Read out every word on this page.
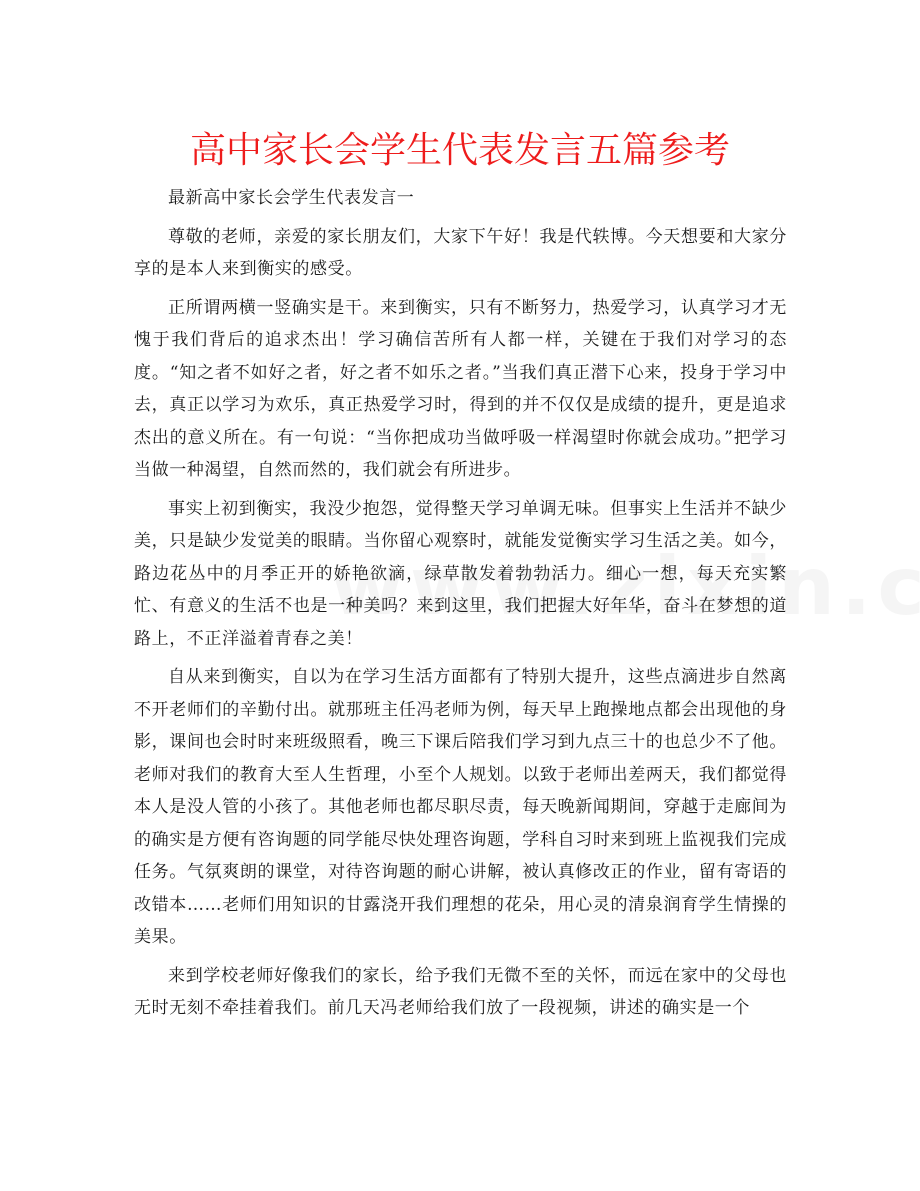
高中家长会学生代表发言五篇参考

最新高中家长会学生代表发言一

尊敬的老师，亲爱的家长朋友们，大家下午好！我是代轶博。今天想要和大家分享的是本人来到衡实的感受。

正所谓两横一竖确实是干。来到衡实，只有不断努力，热爱学习，认真学习才无愧于我们背后的追求杰出！学习确信苦所有人都一样，关键在于我们对学习的态度。“知之者不如好之者，好之者不如乐之者。”当我们真正潜下心来，投身于学习中去，真正以学习为欢乐，真正热爱学习时，得到的并不仅仅是成绩的提升，更是追求杰出的意义所在。有一句说：“当你把成功当做呼吸一样渴望时你就会成功。”把学习当做一种渴望，自然而然的，我们就会有所进步。

事实上初到衡实，我没少抱怨，觉得整天学习单调无味。但事实上生活并不缺少美，只是缺少发觉美的眼睛。当你留心观察时，就能发觉衡实学习生活之美。如今，路边花丛中的月季正开的娇艳欲滴，绿草散发着勃勃活力。细心一想，每天充实繁忙、有意义的生活不也是一种美吗？来到这里，我们把握大好年华，奋斗在梦想的道路上，不正洋溢着青春之美！

自从来到衡实，自以为在学习生活方面都有了特别大提升，这些点滴进步自然离不开老师们的辛勤付出。就那班主任冯老师为例，每天早上跑操地点都会出现他的身影，课间也会时时来班级照看，晚三下课后陪我们学习到九点三十的也总少不了他。老师对我们的教育大至人生哲理，小至个人规划。以致于老师出差两天，我们都觉得本人是没人管的小孩了。其他老师也都尽职尽责，每天晚新闻期间，穿越于走廊间为的确实是方便有咨询题的同学能尽快处理咨询题，学科自习时来到班上监视我们完成任务。气氛爽朗的课堂，对待咨询题的耐心讲解，被认真修改正的作业，留有寄语的改错本……老师们用知识的甘露浇开我们理想的花朵，用心灵的清泉润育学生情操的美果。

来到学校老师好像我们的家长，给予我们无微不至的关怀，而远在家中的父母也无时无刻不牵挂着我们。前几天冯老师给我们放了一段视频，讲述的确实是一个
